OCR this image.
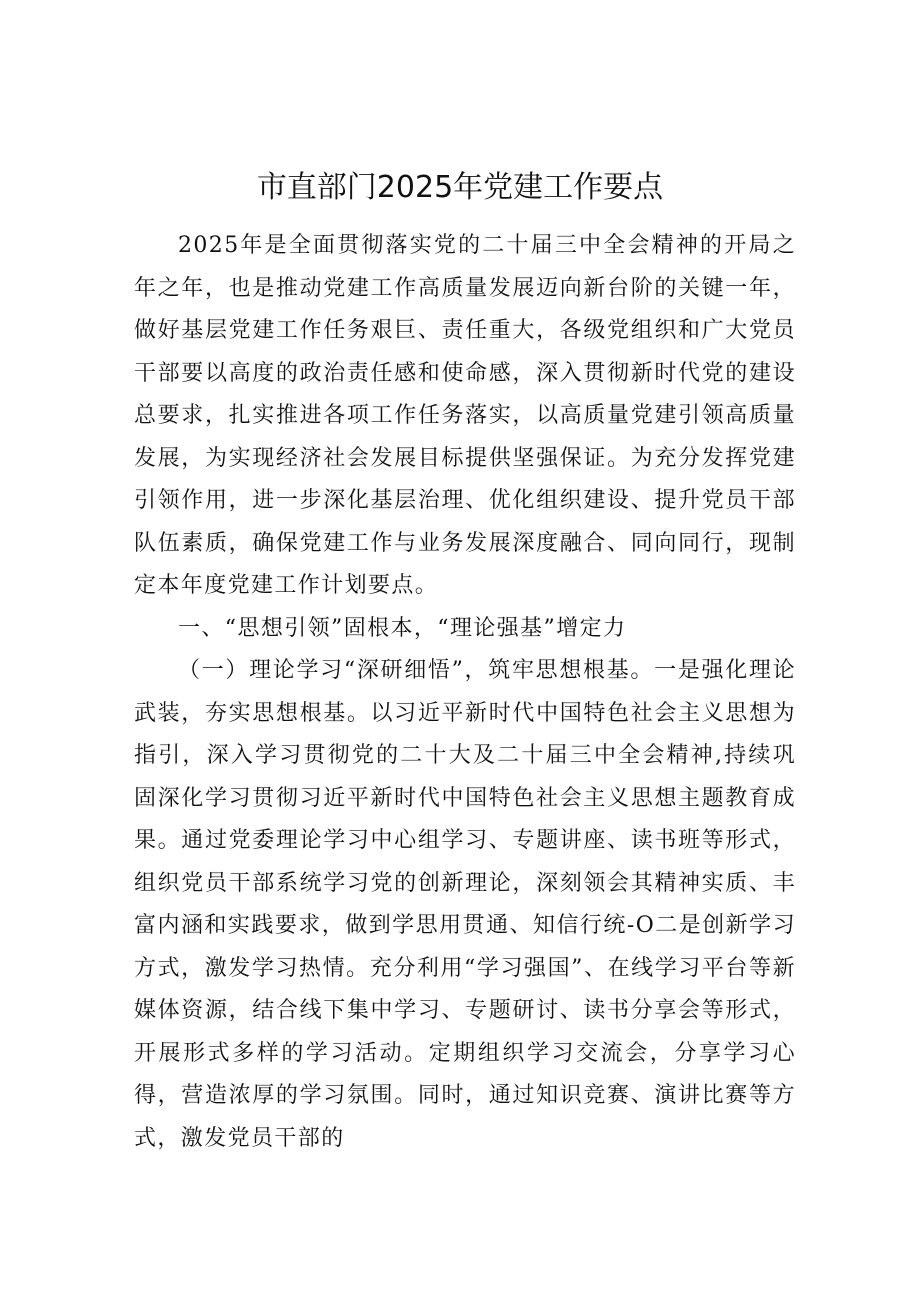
市直部门2025年党建工作要点

2025年是全面贯彻落实党的二十届三中全会精神的开局之年之年，也是推动党建工作高质量发展迈向新台阶的关键一年，做好基层党建工作任务艰巨、责任重大，各级党组织和广大党员干部要以高度的政治责任感和使命感，深入贯彻新时代党的建设总要求，扎实推进各项工作任务落实，以高质量党建引领高质量发展，为实现经济社会发展目标提供坚强保证。为充分发挥党建引领作用，进一步深化基层治理、优化组织建设、提升党员干部队伍素质，确保党建工作与业务发展深度融合、同向同行，现制定本年度党建工作计划要点。

一、“思想引领”固根本，“理论强基”增定力

（一）理论学习“深研细悟”，筑牢思想根基。一是强化理论武装，夯实思想根基。以习近平新时代中国特色社会主义思想为指引，深入学习贯彻党的二十大及二十届三中全会精神,持续巩固深化学习贯彻习近平新时代中国特色社会主义思想主题教育成果。通过党委理论学习中心组学习、专题讲座、读书班等形式，组织党员干部系统学习党的创新理论，深刻领会其精神实质、丰富内涵和实践要求，做到学思用贯通、知信行统-O二是创新学习方式，激发学习热情。充分利用“学习强国”、在线学习平台等新媒体资源，结合线下集中学习、专题研讨、读书分享会等形式，开展形式多样的学习活动。定期组织学习交流会，分享学习心得，营造浓厚的学习氛围。同时，通过知识竞赛、演讲比赛等方式，激发党员干部的
